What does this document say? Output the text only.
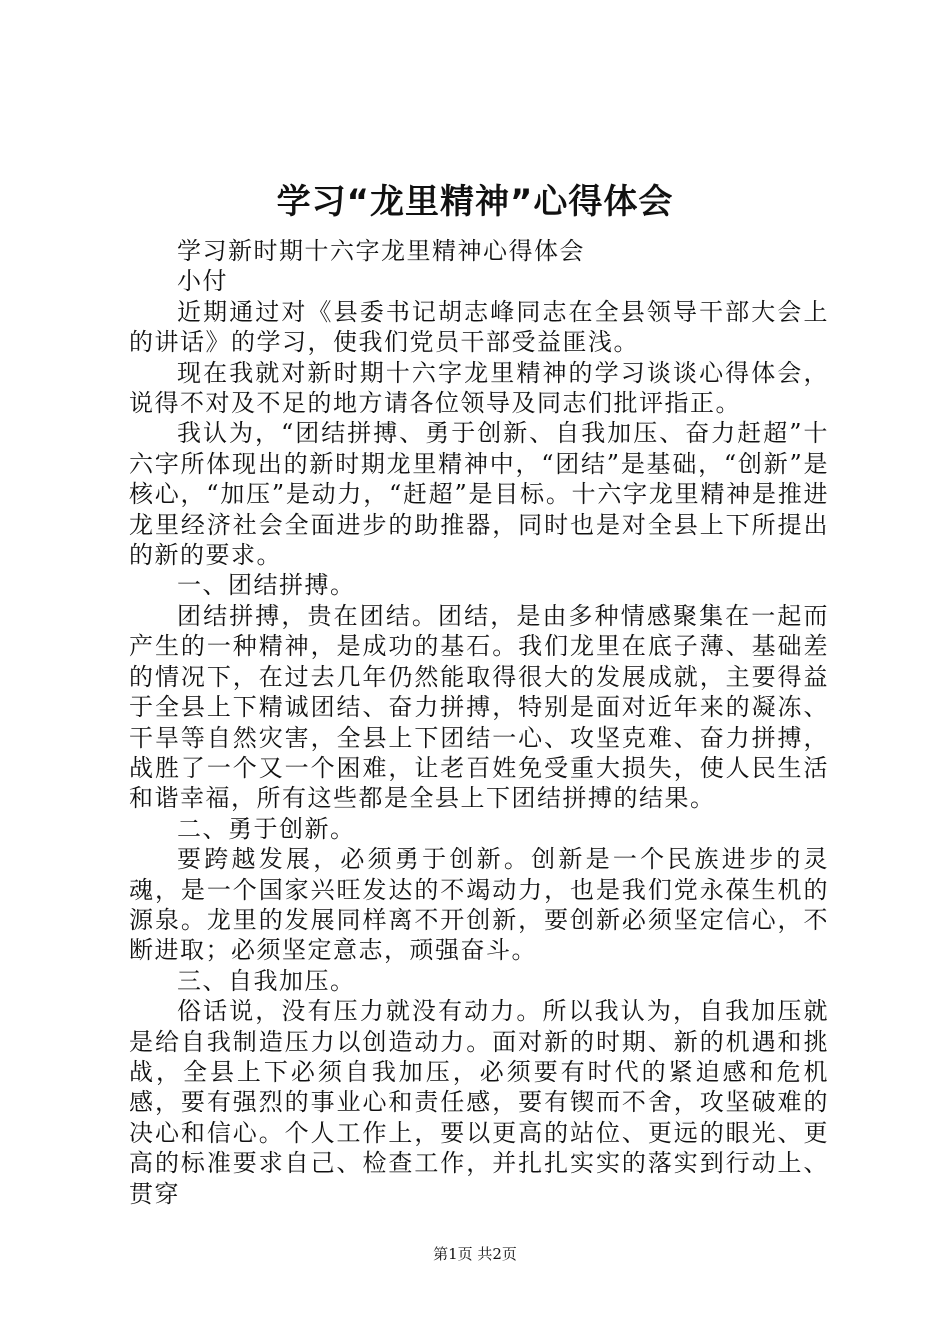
学习“龙里精神”心得体会

学习新时期十六字龙里精神心得体会

小付

近期通过对《县委书记胡志峰同志在全县领导干部大会上的讲话》的学习，使我们党员干部受益匪浅。

现在我就对新时期十六字龙里精神的学习谈谈心得体会，说得不对及不足的地方请各位领导及同志们批评指正。

我认为，“团结拼搏、勇于创新、自我加压、奋力赶超”十六字所体现出的新时期龙里精神中，“团结”是基础，“创新”是核心，“加压”是动力，“赶超”是目标。十六字龙里精神是推进龙里经济社会全面进步的助推器，同时也是对全县上下所提出的新的要求。

一、团结拼搏。

团结拼搏，贵在团结。团结，是由多种情感聚集在一起而产生的一种精神，是成功的基石。我们龙里在底子薄、基础差的情况下，在过去几年仍然能取得很大的发展成就，主要得益于全县上下精诚团结、奋力拼搏，特别是面对近年来的凝冻、干旱等自然灾害，全县上下团结一心、攻坚克难、奋力拼搏，战胜了一个又一个困难，让老百姓免受重大损失，使人民生活和谐幸福，所有这些都是全县上下团结拼搏的结果。

二、勇于创新。

要跨越发展，必须勇于创新。创新是一个民族进步的灵魂，是一个国家兴旺发达的不竭动力，也是我们党永葆生机的源泉。龙里的发展同样离不开创新，要创新必须坚定信心，不断进取；必须坚定意志，顽强奋斗。

三、自我加压。

俗话说，没有压力就没有动力。所以我认为，自我加压就是给自我制造压力以创造动力。面对新的时期、新的机遇和挑战，全县上下必须自我加压，必须要有时代的紧迫感和危机感，要有强烈的事业心和责任感，要有锲而不舍，攻坚破难的决心和信心。个人工作上，要以更高的站位、更远的眼光、更高的标准要求自己、检查工作，并扎扎实实的落实到行动上、贯穿

第1页 共2页
